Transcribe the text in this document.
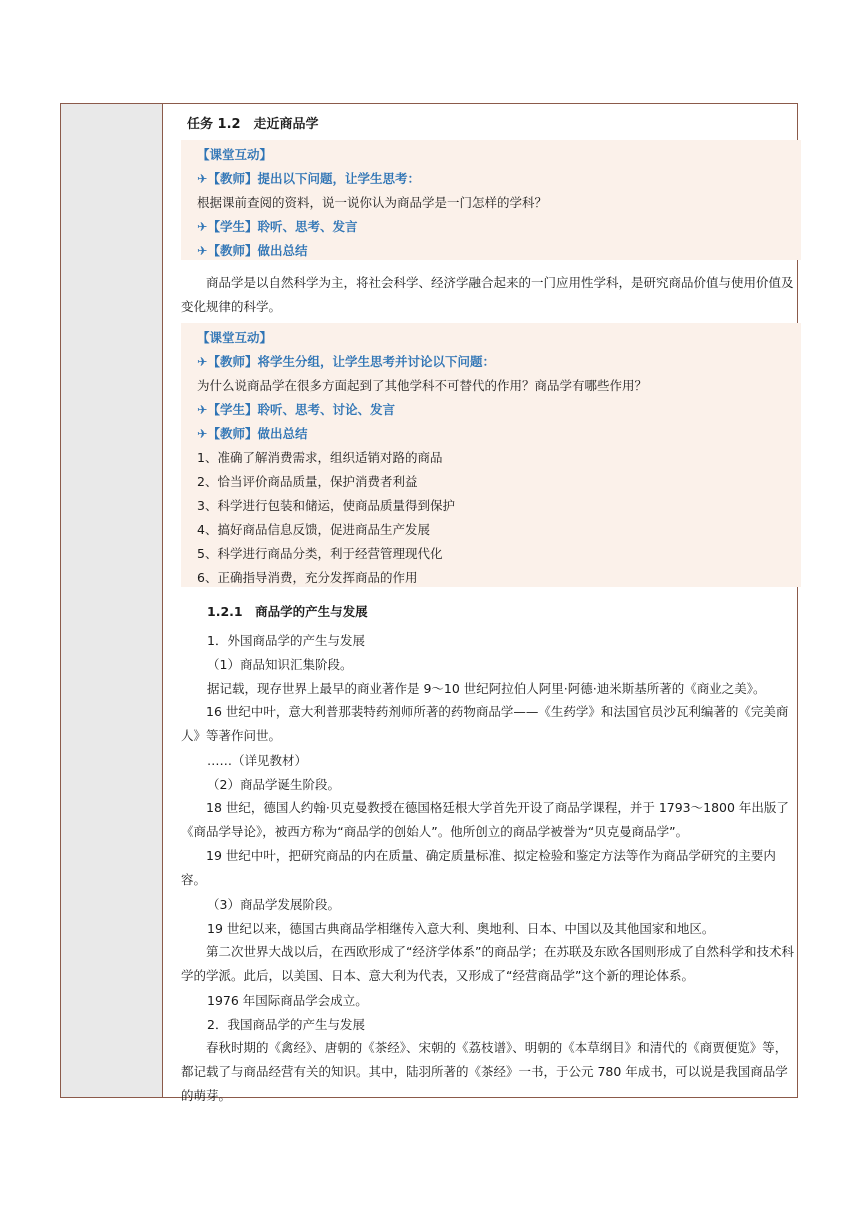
任务 1.2　走近商品学
【课堂互动】
✈【教师】提出以下问题，让学生思考：
根据课前查阅的资料，说一说你认为商品学是一门怎样的学科？
✈【学生】聆听、思考、发言
✈【教师】做出总结
商品学是以自然科学为主，将社会科学、经济学融合起来的一门应用性学科，是研究商品价值与使用价值及变化规律的科学。
【课堂互动】
✈【教师】将学生分组，让学生思考并讨论以下问题：
为什么说商品学在很多方面起到了其他学科不可替代的作用？商品学有哪些作用？
✈【学生】聆听、思考、讨论、发言
✈【教师】做出总结
1、准确了解消费需求，组织适销对路的商品
2、恰当评价商品质量，保护消费者利益
3、科学进行包装和储运，使商品质量得到保护
4、搞好商品信息反馈，促进商品生产发展
5、科学进行商品分类，利于经营管理现代化
6、正确指导消费，充分发挥商品的作用
1.2.1　商品学的产生与发展
1．外国商品学的产生与发展
（1）商品知识汇集阶段。
据记载，现存世界上最早的商业著作是 9～10 世纪阿拉伯人阿里·阿德·迪米斯基所著的《商业之美》。
16 世纪中叶，意大利普那裴特药剂师所著的药物商品学——《生药学》和法国官员沙瓦利编著的《完美商人》等著作问世。
……（详见教材）
（2）商品学诞生阶段。
18 世纪，德国人约翰·贝克曼教授在德国格廷根大学首先开设了商品学课程，并于 1793～1800 年出版了《商品学导论》，被西方称为“商品学的创始人”。他所创立的商品学被誉为“贝克曼商品学”。
19 世纪中叶，把研究商品的内在质量、确定质量标准、拟定检验和鉴定方法等作为商品学研究的主要内容。
（3）商品学发展阶段。
19 世纪以来，德国古典商品学相继传入意大利、奥地利、日本、中国以及其他国家和地区。
第二次世界大战以后，在西欧形成了“经济学体系”的商品学；在苏联及东欧各国则形成了自然科学和技术科学的学派。此后，以美国、日本、意大利为代表，又形成了“经营商品学”这个新的理论体系。
1976 年国际商品学会成立。
2．我国商品学的产生与发展
春秋时期的《禽经》、唐朝的《茶经》、宋朝的《荔枝谱》、明朝的《本草纲目》和清代的《商贾便览》等，都记载了与商品经营有关的知识。其中，陆羽所著的《茶经》一书，于公元 780 年成书，可以说是我国商品学的萌芽。
